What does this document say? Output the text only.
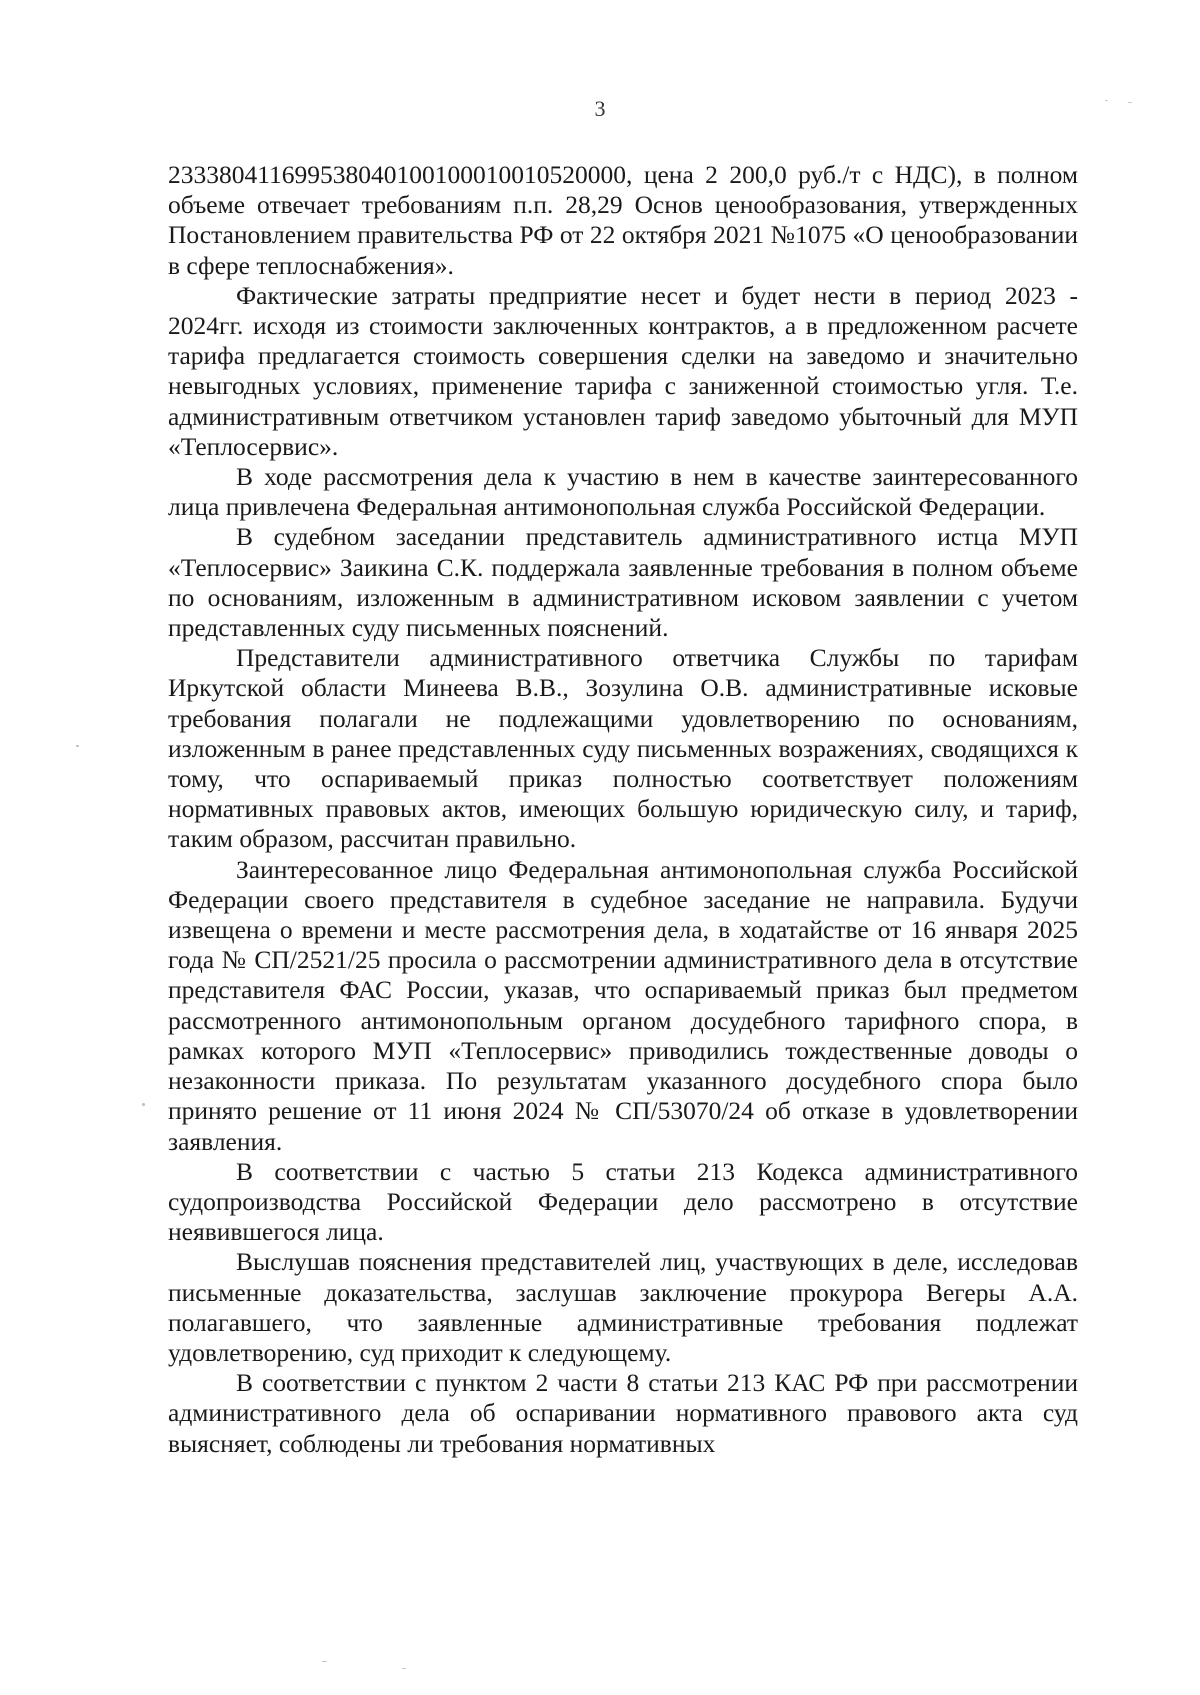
3

23338041169953804010010001001052000​0, цена 2 200,0 руб./т с НДС), в полном объеме отвечает требованиям п.п. 28,29 Основ ценообразования, утвержденных Постановлением правительства РФ от 22 октября 2021 №1075 «О ценообразовании в сфере теплоснабжения».

Фактические затраты предприятие несет и будет нести в период 2023 - 2024гг. исходя из стоимости заключенных контрактов, а в предложенном расчете тарифа предлагается стоимость совершения сделки на заведомо и значительно невыгодных условиях, применение тарифа с заниженной стоимостью угля. Т.е. административным ответчиком установлен тариф заведомо убыточный для МУП «Теплосервис».

В ходе рассмотрения дела к участию в нем в качестве заинтересованного лица привлечена Федеральная антимонопольная служба Российской Федерации.

В судебном заседании представитель административного истца МУП «Теплосервис» Заикина С.К. поддержала заявленные требования в полном объеме по основаниям, изложенным в административном исковом заявлении с учетом представленных суду письменных пояснений.

Представители административного ответчика Службы по тарифам Иркутской области Минеева В.В., Зозулина О.В. административные исковые требования полагали не подлежащими удовлетворению по основаниям, изложенным в ранее представленных суду письменных возражениях, сводящихся к тому, что оспариваемый приказ полностью соответствует положениям нормативных правовых актов, имеющих большую юридическую силу, и тариф, таким образом, рассчитан правильно.

Заинтересованное лицо Федеральная антимонопольная служба Российской Федерации своего представителя в судебное заседание не направила. Будучи извещена о времени и месте рассмотрения дела, в ходатайстве от 16 января 2025 года № СП/2521/25 просила о рассмотрении административного дела в отсутствие представителя ФАС России, указав, что оспариваемый приказ был предметом рассмотренного антимонопольным органом досудебного тарифного спора, в рамках которого МУП «Теплосервис» приводились тождественные доводы о незаконности приказа. По результатам указанного досудебного спора было принято решение от 11 июня 2024 № СП/53070/24 об отказе в удовлетворении заявления.

В соответствии с частью 5 статьи 213 Кодекса административного судопроизводства Российской Федерации дело рассмотрено в отсутствие неявившегося лица.

Выслушав пояснения представителей лиц, участвующих в деле, исследовав письменные доказательства, заслушав заключение прокурора Вегеры А.А. полагавшего, что заявленные административные требования подлежат удовлетворению, суд приходит к следующему.

В соответствии с пунктом 2 части 8 статьи 213 КАС РФ при рассмотрении административного дела об оспаривании нормативного правового акта суд выясняет, соблюдены ли требования нормативных
